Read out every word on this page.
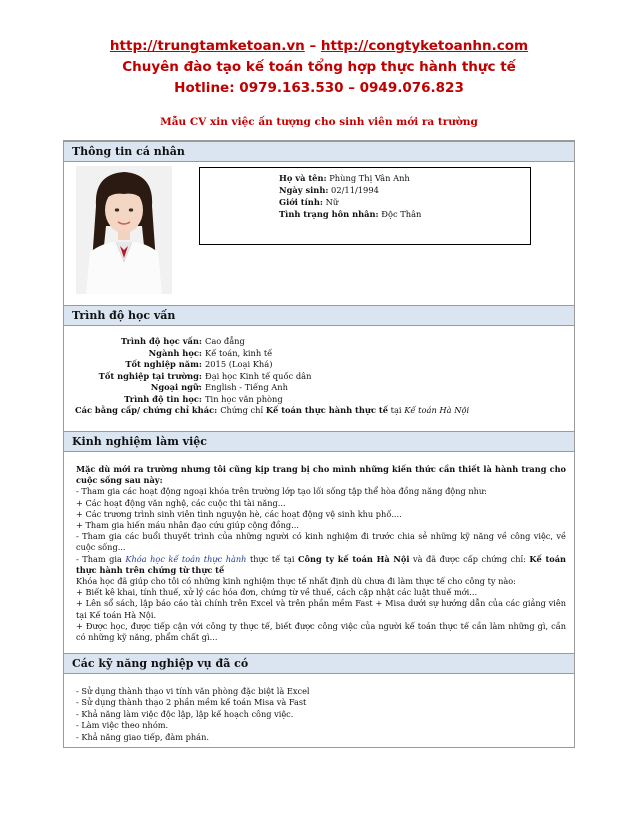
http://trungtamketoan.vn – http://congtyketoanhn.com
Chuyên đào tạo kế toán tổng hợp thực hành thực tế
Hotline: 0979.163.530 – 0949.076.823
Mẫu CV xin việc ấn tượng cho sinh viên mới ra trường
Thông tin cá nhân
Họ và tên: Phùng Thị Vân Anh
Ngày sinh: 02/11/1994
Giới tính: Nữ
Tình trạng hôn nhân: Độc Thân
Trình độ học vấn
Trình độ học vấn: Cao đẳng
Ngành học: Kế toán, kinh tế
Tốt nghiệp năm: 2015 (Loại Khá)
Tốt nghiệp tại trường: Đại học Kinh tế quốc dân
Ngoại ngữ: English - Tiếng Anh
Trình độ tin học: Tin học văn phòng
Các bằng cấp/ chứng chỉ khác: Chứng chỉ Kế toán thực hành thực tế tại Kế toán Hà Nội
Kinh nghiệm làm việc

Mặc dù mới ra trường nhưng tôi cũng kịp trang bị cho mình những kiến thức cần thiết là hành trang cho cuộc sống sau này:

- Tham gia các hoạt động ngoại khóa trên trường lớp tạo lối sống tập thể hòa đồng năng động như:

+ Các hoạt động văn nghệ, các cuộc thi tài năng...

+ Các trương trình sinh viên tình nguyện hè, các hoạt động vệ sinh khu phố....

+ Tham gia hiến máu nhân đạo cứu giúp cộng đồng...

- Tham gia các buổi thuyết trình của những người có kinh nghiệm đi trước chia sẻ những kỹ năng về công việc, về cuộc sống...

- Tham gia Khóa học kế toán thực hành thực tế tại Công ty kế toán Hà Nội và đã được cấp chứng chỉ: Kế toán thực hành trên chứng từ thực tế

Khóa học đã giúp cho tôi có những kinh nghiệm thực tế nhất định dù chưa đi làm thực tế cho công ty nào:

+ Biết kê khai, tính thuế, xử lý các hóa đơn, chứng từ về thuế, cách cập nhật các luật thuế mới...

+ Lên sổ sách, lập báo cáo tài chính trên Excel và trên phần mềm Fast + Misa dưới sự hướng dẫn của các giảng viên tại Kế toán Hà Nội.

+ Được học, được tiếp cận với công ty thực tế, biết được công việc của người kế toán thực tế cần làm những gì, cần có những kỹ năng, phẩm chất gì...

Các kỹ năng nghiệp vụ đã có

- Sử dụng thành thạo vi tính văn phòng đặc biệt là Excel

- Sử dụng thành thạo 2 phần mềm kế toán Misa và Fast

- Khả năng làm việc độc lập, lập kế hoạch công việc.

- Làm việc theo nhóm.

- Khả năng giao tiếp, đàm phán.
